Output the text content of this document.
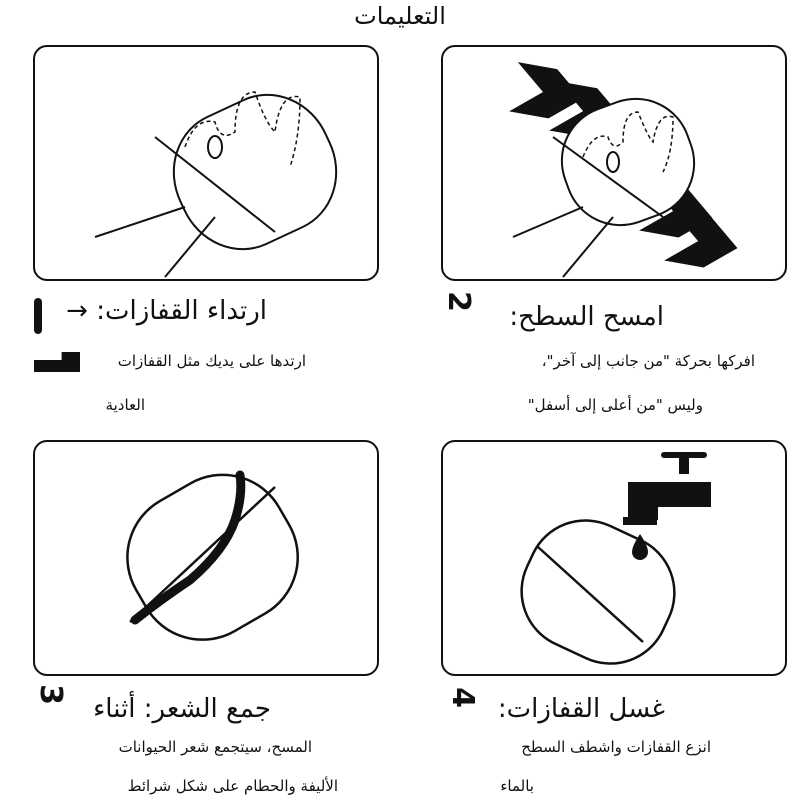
التعليمات
ارتداء القفازات: →
ارتدها على يديك مثل القفازات
العادية
2
امسح السطح:
افركها بحركة "من جانب إلى آخر"،
وليس "من أعلى إلى أسفل"
3 جمع الشعر: أثناء
المسح، سيتجمع شعر الحيوانات
الأليفة والحطام على شكل شرائط
4 غسل القفازات:
انزع القفازات واشطف السطح
بالماء
